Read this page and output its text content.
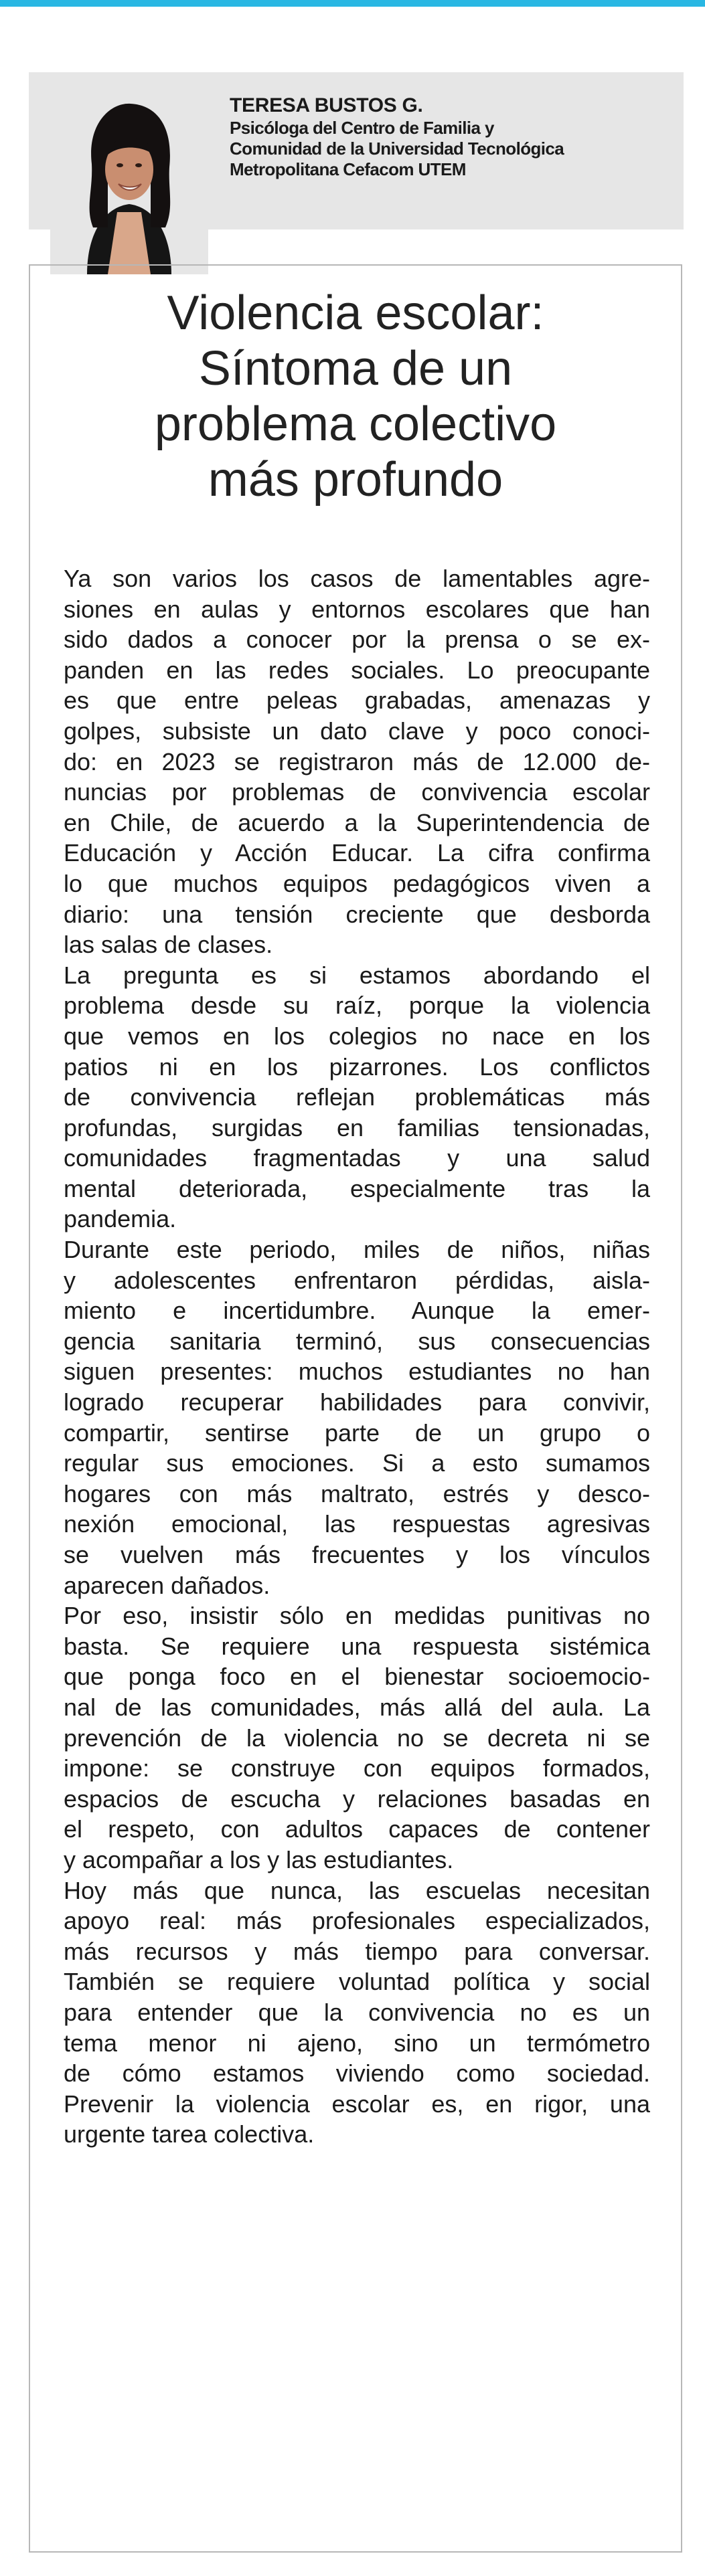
TERESA BUSTOS G.
Psicóloga del Centro de Familia y
Comunidad de la Universidad Tecnológica
Metropolitana Cefacom UTEM
Violencia escolar:
Síntoma de un
problema colectivo
más profundo
Ya son varios los casos de lamentables agre-
siones en aulas y entornos escolares que han
sido dados a conocer por la prensa o se ex-
panden en las redes sociales. Lo preocupante
es que entre peleas grabadas, amenazas y
golpes, subsiste un dato clave y poco conoci-
do: en 2023 se registraron más de 12.000 de-
nuncias por problemas de convivencia escolar
en Chile, de acuerdo a la Superintendencia de
Educación y Acción Educar. La cifra confirma
lo que muchos equipos pedagógicos viven a
diario: una tensión creciente que desborda
las salas de clases.
La pregunta es si estamos abordando el
problema desde su raíz, porque la violencia
que vemos en los colegios no nace en los
patios ni en los pizarrones. Los conflictos
de convivencia reflejan problemáticas más
profundas, surgidas en familias tensionadas,
comunidades fragmentadas y una salud
mental deteriorada, especialmente tras la
pandemia.
Durante este periodo, miles de niños, niñas
y adolescentes enfrentaron pérdidas, aisla-
miento e incertidumbre. Aunque la emer-
gencia sanitaria terminó, sus consecuencias
siguen presentes: muchos estudiantes no han
logrado recuperar habilidades para convivir,
compartir, sentirse parte de un grupo o
regular sus emociones. Si a esto sumamos
hogares con más maltrato, estrés y desco-
nexión emocional, las respuestas agresivas
se vuelven más frecuentes y los vínculos
aparecen dañados.
Por eso, insistir sólo en medidas punitivas no
basta. Se requiere una respuesta sistémica
que ponga foco en el bienestar socioemocio-
nal de las comunidades, más allá del aula. La
prevención de la violencia no se decreta ni se
impone: se construye con equipos formados,
espacios de escucha y relaciones basadas en
el respeto, con adultos capaces de contener
y acompañar a los y las estudiantes.
Hoy más que nunca, las escuelas necesitan
apoyo real: más profesionales especializados,
más recursos y más tiempo para conversar.
También se requiere voluntad política y social
para entender que la convivencia no es un
tema menor ni ajeno, sino un termómetro
de cómo estamos viviendo como sociedad.
Prevenir la violencia escolar es, en rigor, una
urgente tarea colectiva.
